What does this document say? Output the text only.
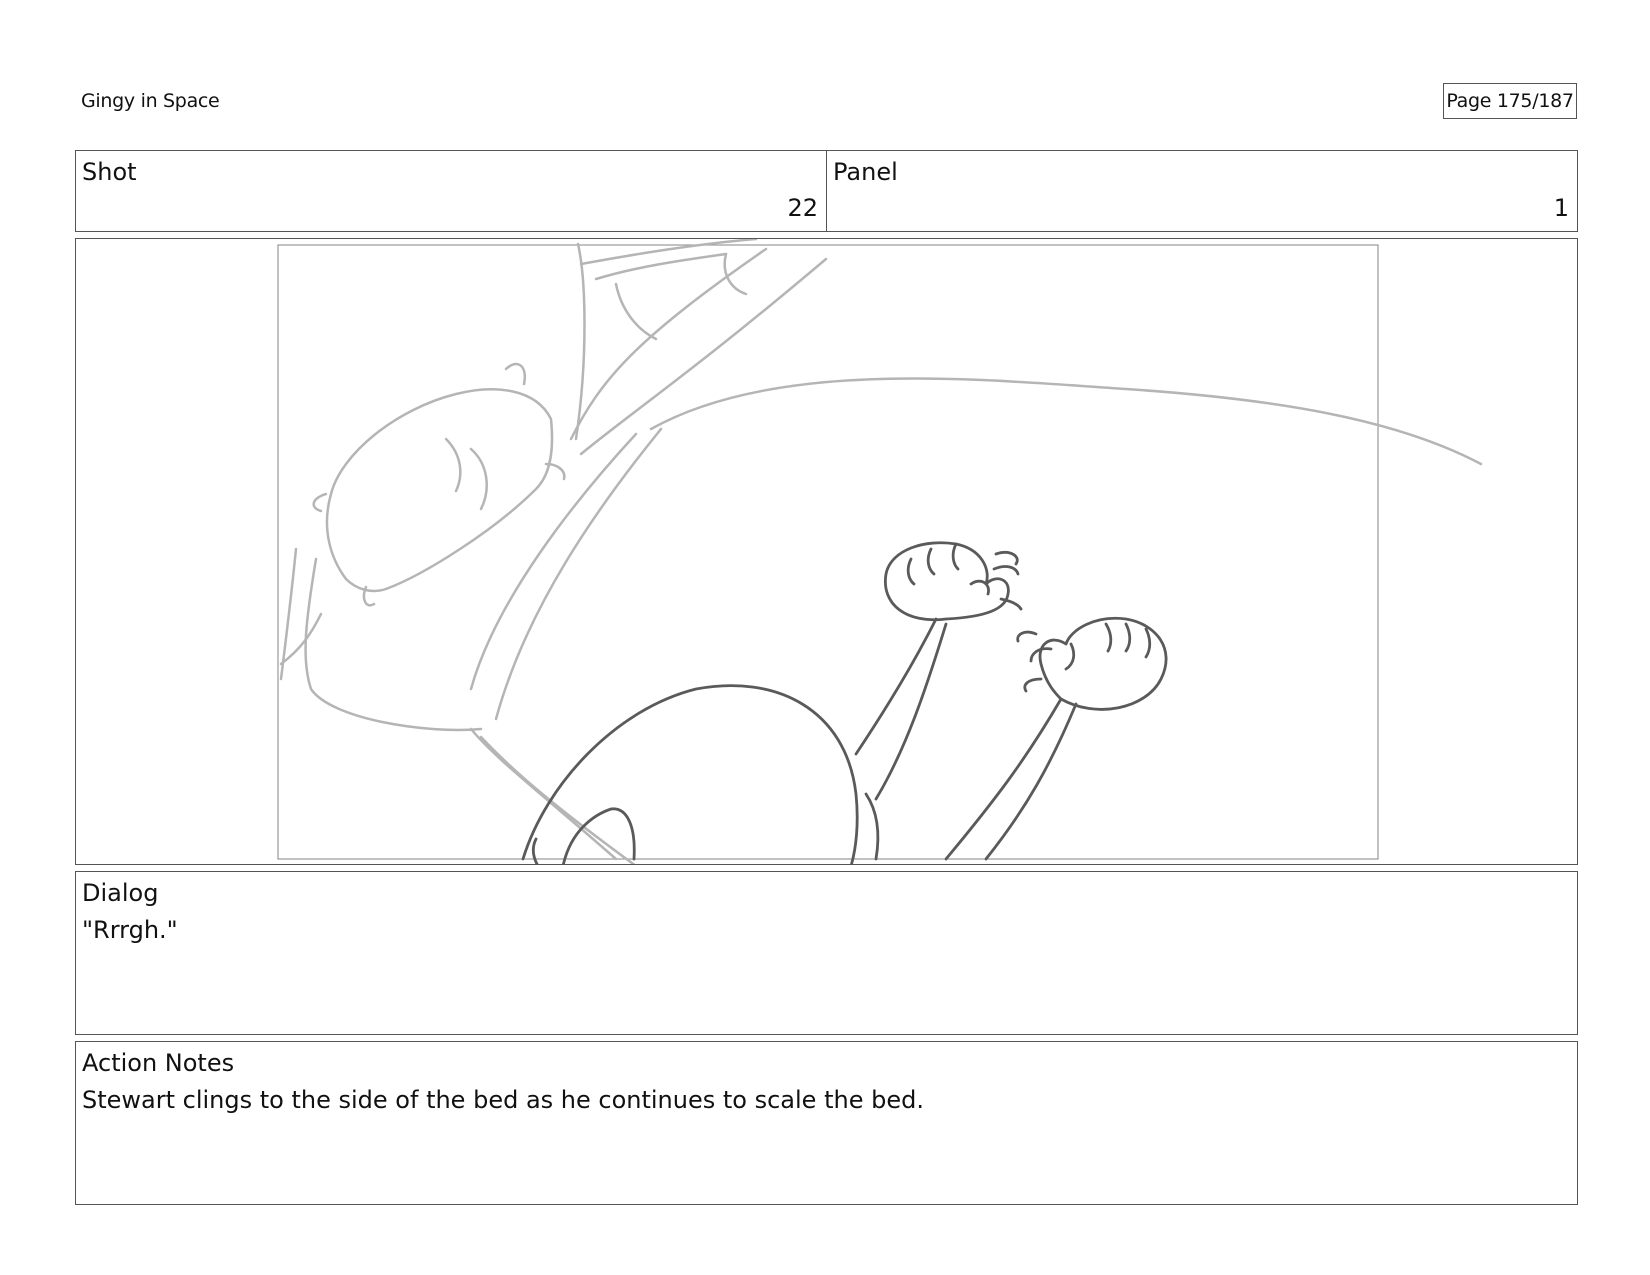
Gingy in Space	Page 175/187
Shot
22
Panel
1
Dialog
"Rrrgh."
Action Notes
Stewart clings to the side of the bed as he continues to scale the bed.
